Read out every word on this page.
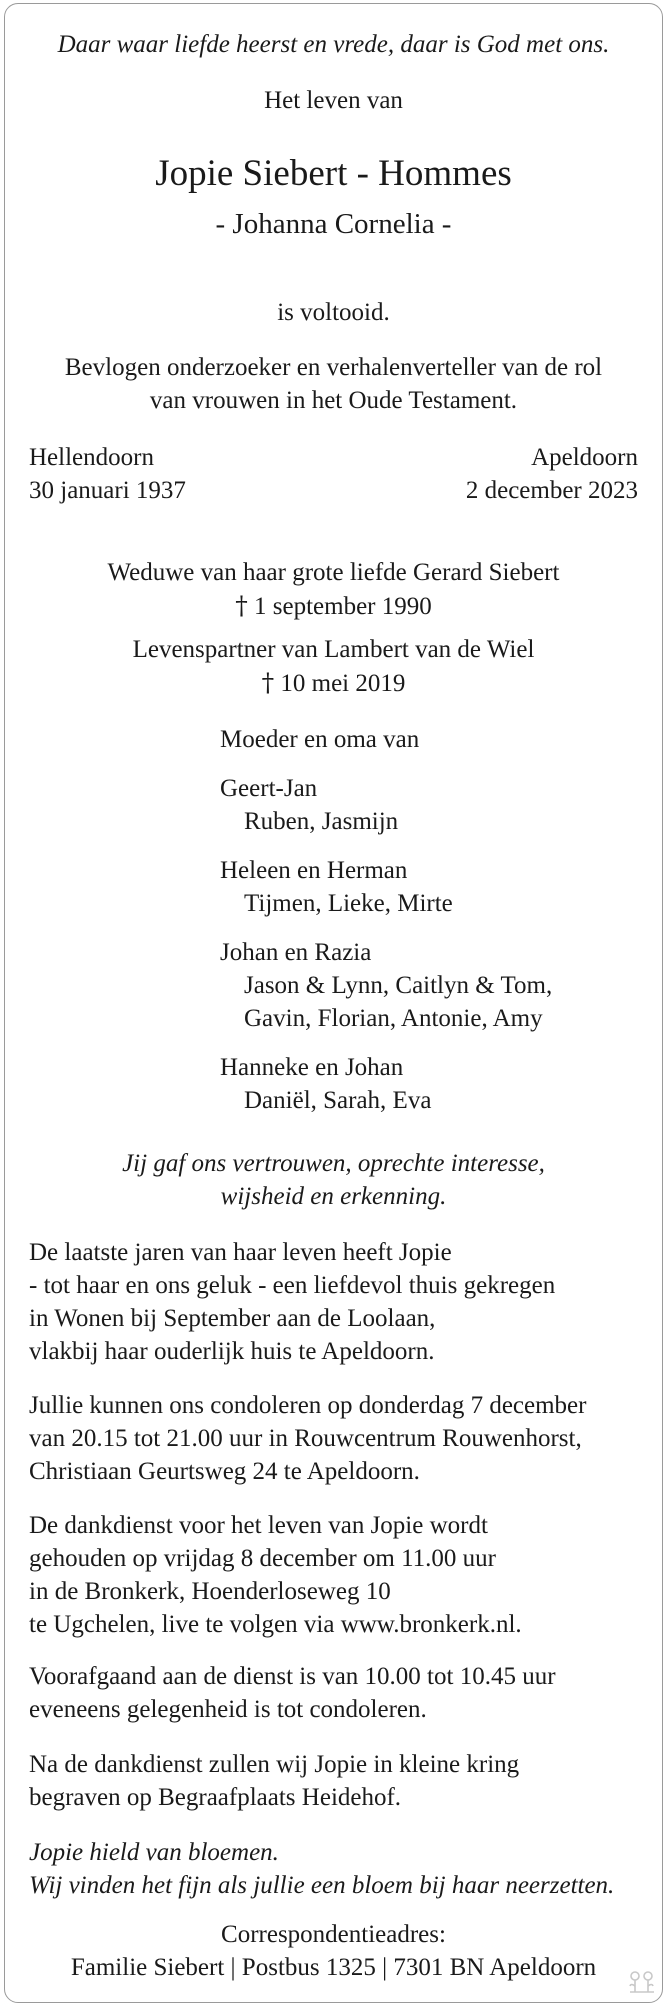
Daar waar liefde heerst en vrede, daar is God met ons.
Het leven van
Jopie Siebert - Hommes
- Johanna Cornelia -
is voltooid.
Bevlogen onderzoeker en verhalenverteller van de rol
van vrouwen in het Oude Testament.
Hellendoorn
30 januari 1937
Apeldoorn
2 december 2023
Weduwe van haar grote liefde Gerard Siebert
† 1 september 1990
Levenspartner van Lambert van de Wiel
† 10 mei 2019
Moeder en oma van
Geert-Jan
Ruben, Jasmijn
Heleen en Herman
Tijmen, Lieke, Mirte
Johan en Razia
Jason & Lynn, Caitlyn & Tom,
Gavin, Florian, Antonie, Amy
Hanneke en Johan
Daniël, Sarah, Eva
Jij gaf ons vertrouwen, oprechte interesse,
wijsheid en erkenning.
De laatste jaren van haar leven heeft Jopie
- tot haar en ons geluk - een liefdevol thuis gekregen
in Wonen bij September aan de Loolaan,
vlakbij haar ouderlijk huis te Apeldoorn.
Jullie kunnen ons condoleren op donderdag 7 december
van 20.15 tot 21.00 uur in Rouwcentrum Rouwenhorst,
Christiaan Geurtsweg 24 te Apeldoorn.
De dankdienst voor het leven van Jopie wordt
gehouden op vrijdag 8 december om 11.00 uur
in de Bronkerk, Hoenderloseweg 10
te Ugchelen, live te volgen via www.bronkerk.nl.
Voorafgaand aan de dienst is van 10.00 tot 10.45 uur
eveneens gelegenheid is tot condoleren.
Na de dankdienst zullen wij Jopie in kleine kring
begraven op Begraafplaats Heidehof.
Jopie hield van bloemen.
Wij vinden het fijn als jullie een bloem bij haar neerzetten.
Correspondentieadres:
Familie Siebert | Postbus 1325 | 7301 BN Apeldoorn
